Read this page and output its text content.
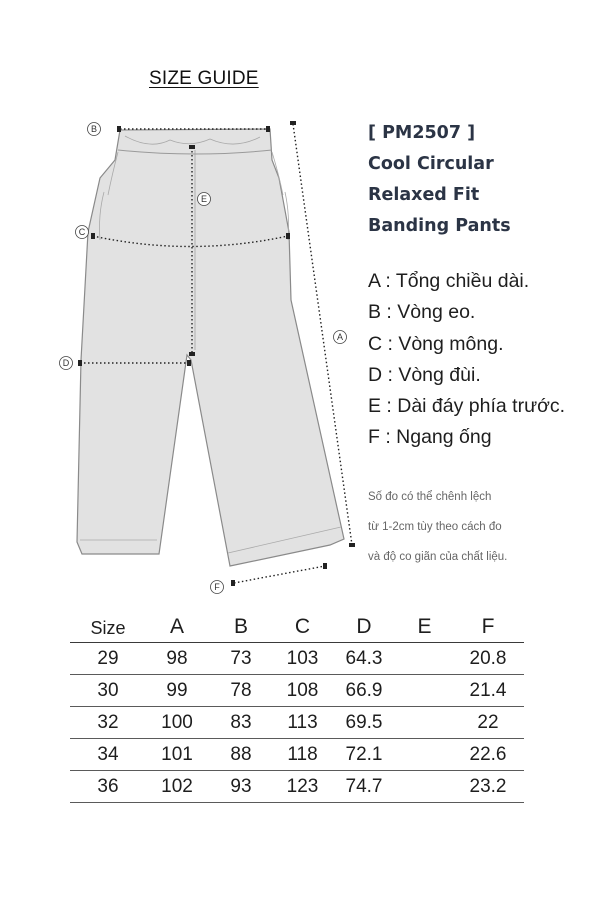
SIZE GUIDE
B
E
C
A
D
F
[ PM2507 ]
Cool Circular
Relaxed Fit
Banding Pants
A : Tổng chiều dài.
B : Vòng eo.
C : Vòng mông.
D : Vòng đùi.
E : Dài đáy phía trước.
F : Ngang ống
Số đo có thể chênh lệch
từ 1-2cm tùy theo cách đo
và độ co giãn của chất liệu.
Size	A	B	C	D	E	F
29	98	73	103	64.3		20.8
30	99	78	108	66.9		21.4
32	100	83	113	69.5		22
34	101	88	118	72.1		22.6
36	102	93	123	74.7		23.2
